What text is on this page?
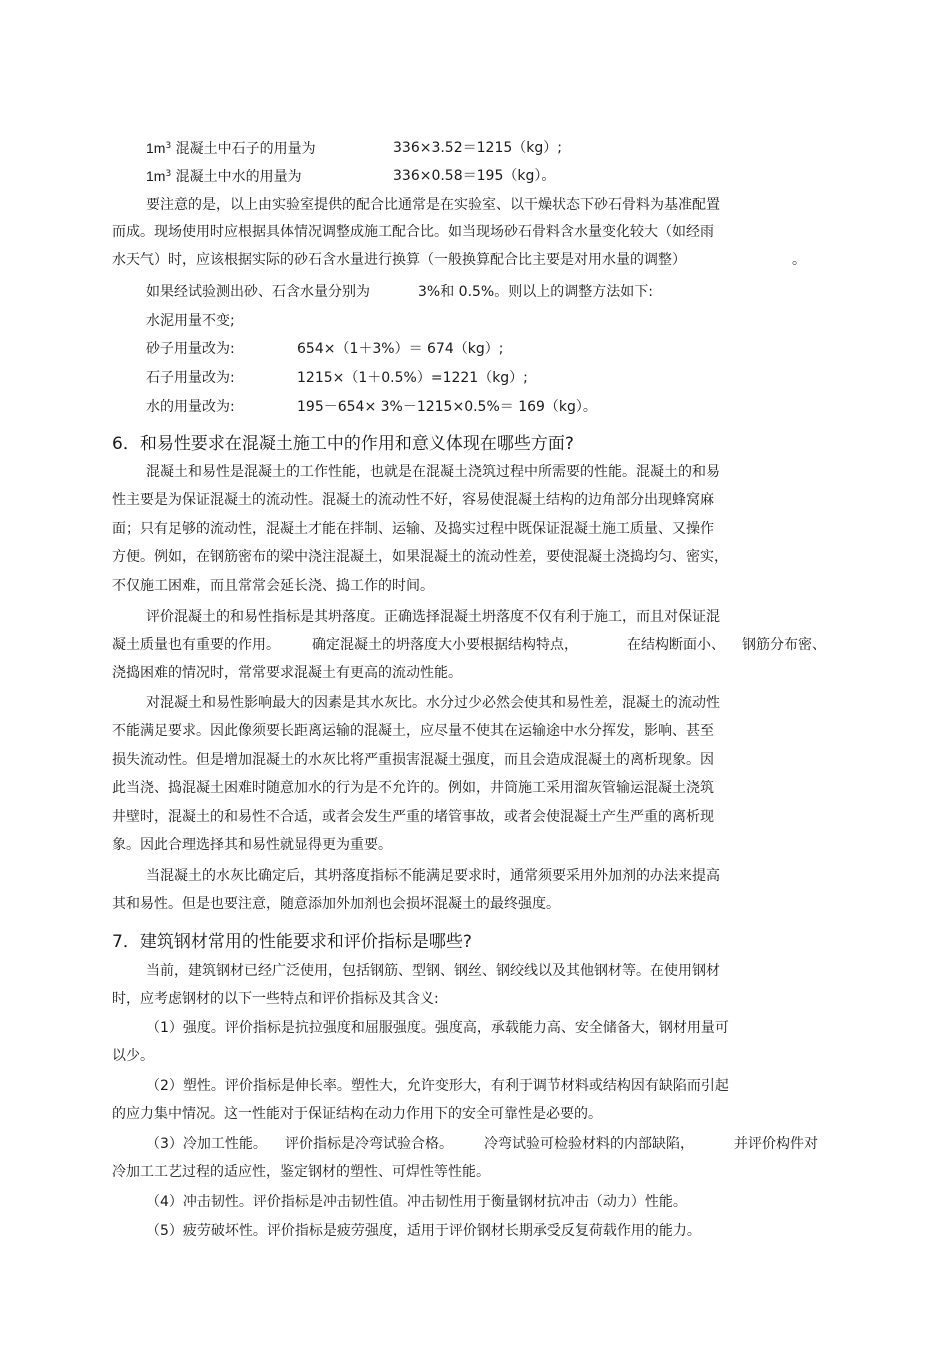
$1m^3$ 混凝土中石子的用量为	336×3.52＝1215（kg）;
$1m^3$ 混凝土中水的用量为	336×0.58＝195（kg）。
要注意的是，以上由实验室提供的配合比通常是在实验室、以干燥状态下砂石骨料为基准配置
而成。现场使用时应根据具体情况调整成施工配合比。如当现场砂石骨料含水量变化较大（如经雨
水天气）时，应该根据实际的砂石含水量进行换算（一般换算配合比主要是对用水量的调整）	。
如果经试验测出砂、石含水量分别为	3%和 0.5%。则以上的调整方法如下:
水泥用量不变;
砂子用量改为:	654×（1＋3%）＝ 674（kg）;
石子用量改为:	1215×（1＋0.5%）=1221（kg）;
水的用量改为:	195－654× 3%－1215×0.5%＝ 169（kg）。
6．和易性要求在混凝土施工中的作用和意义体现在哪些方面?
混凝土和易性是混凝土的工作性能，也就是在混凝土浇筑过程中所需要的性能。混凝土的和易
性主要是为保证混凝土的流动性。混凝土的流动性不好，容易使混凝土结构的边角部分出现蜂窝麻
面；只有足够的流动性，混凝土才能在拌制、运输、及捣实过程中既保证混凝土施工质量、又操作
方便。例如，在钢筋密布的梁中浇注混凝土，如果混凝土的流动性差，要使混凝土浇捣均匀、密实，
不仅施工困难，而且常常会延长浇、捣工作的时间。
评价混凝土的和易性指标是其坍落度。正确选择混凝土坍落度不仅有利于施工，而且对保证混
凝土质量也有重要的作用。 确定混凝土的坍落度大小要根据结构特点，	在结构断面小、 钢筋分布密、
浇捣困难的情况时，常常要求混凝土有更高的流动性能。
对混凝土和易性影响最大的因素是其水灰比。水分过少必然会使其和易性差，混凝土的流动性
不能满足要求。因此像须要长距离运输的混凝土，应尽量不使其在运输途中水分挥发，影响、甚至
损失流动性。但是增加混凝土的水灰比将严重损害混凝土强度，而且会造成混凝土的离析现象。因
此当浇、捣混凝土困难时随意加水的行为是不允许的。例如，井筒施工采用溜灰管输运混凝土浇筑
井壁时，混凝土的和易性不合适，或者会发生严重的堵管事故，或者会使混凝土产生严重的离析现
象。因此合理选择其和易性就显得更为重要。
当混凝土的水灰比确定后，其坍落度指标不能满足要求时，通常须要采用外加剂的办法来提高
其和易性。但是也要注意，随意添加外加剂也会损坏混凝土的最终强度。
7．建筑钢材常用的性能要求和评价指标是哪些?
当前，建筑钢材已经广泛使用，包括钢筋、型钢、钢丝、钢绞线以及其他钢材等。在使用钢材
时，应考虑钢材的以下一些特点和评价指标及其含义:
（1）强度。评价指标是抗拉强度和屈服强度。强度高，承载能力高、安全储备大，钢材用量可
以少。
（2）塑性。评价指标是伸长率。塑性大，允许变形大，有利于调节材料或结构因有缺陷而引起
的应力集中情况。这一性能对于保证结构在动力作用下的安全可靠性是必要的。
（3）冷加工性能。 评价指标是冷弯试验合格。 冷弯试验可检验材料的内部缺陷，	并评价构件对
冷加工工艺过程的适应性，鉴定钢材的塑性、可焊性等性能。
（4）冲击韧性。评价指标是冲击韧性值。冲击韧性用于衡量钢材抗冲击（动力）性能。
（5）疲劳破坏性。评价指标是疲劳强度，适用于评价钢材长期承受反复荷载作用的能力。
